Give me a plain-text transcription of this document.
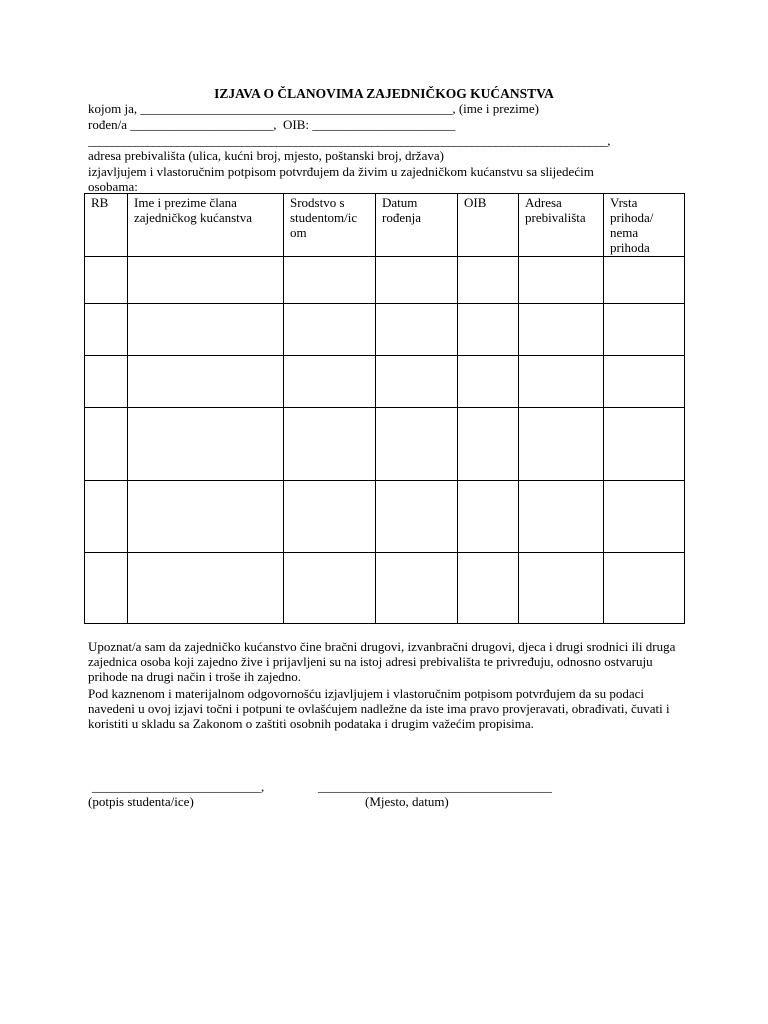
IZJAVA O ČLANOVIMA ZAJEDNIČKOG KUĆANSTVA
kojom ja, ________________________________________________, (ime i prezime)
rođen/a ______________________,  OIB: ______________________
________________________________________________________________________________________,
adresa prebivališta (ulica, kućni broj, mjesto, poštanski broj, država)
izjavljujem i vlastoručnim potpisom potvrđujem da živim u zajedničkom kućanstvu sa slijedećim
osobama:
RB	Ime i prezime člana zajedničkog kućanstva	Srodstvo s studentom/ic om	Datum rođenja	OIB	Adresa prebivališta	Vrsta prihoda/ nema prihoda

Upoznat/a sam da zajedničko kućanstvo čine bračni drugovi, izvanbračni drugovi, djeca i drugi srodnici ili druga zajednica osoba koji zajedno žive i prijavljeni su na istoj adresi prebivališta te privređuju, odnosno ostvaruju prihode na drugi način i troše ih zajedno.
Pod kaznenom i materijalnom odgovornošću izjavljujem i vlastoručnim potpisom potvrđujem da su podaci navedeni u ovoj izjavi točni i potpuni te ovlašćujem nadležne da iste ima pravo provjeravati, obrađivati, čuvati i koristiti u skladu sa Zakonom o zaštiti osobnih podataka i drugim važećim propisima.
__________________________,	____________________________________
(potpis studenta/ice)	(Mjesto, datum)
